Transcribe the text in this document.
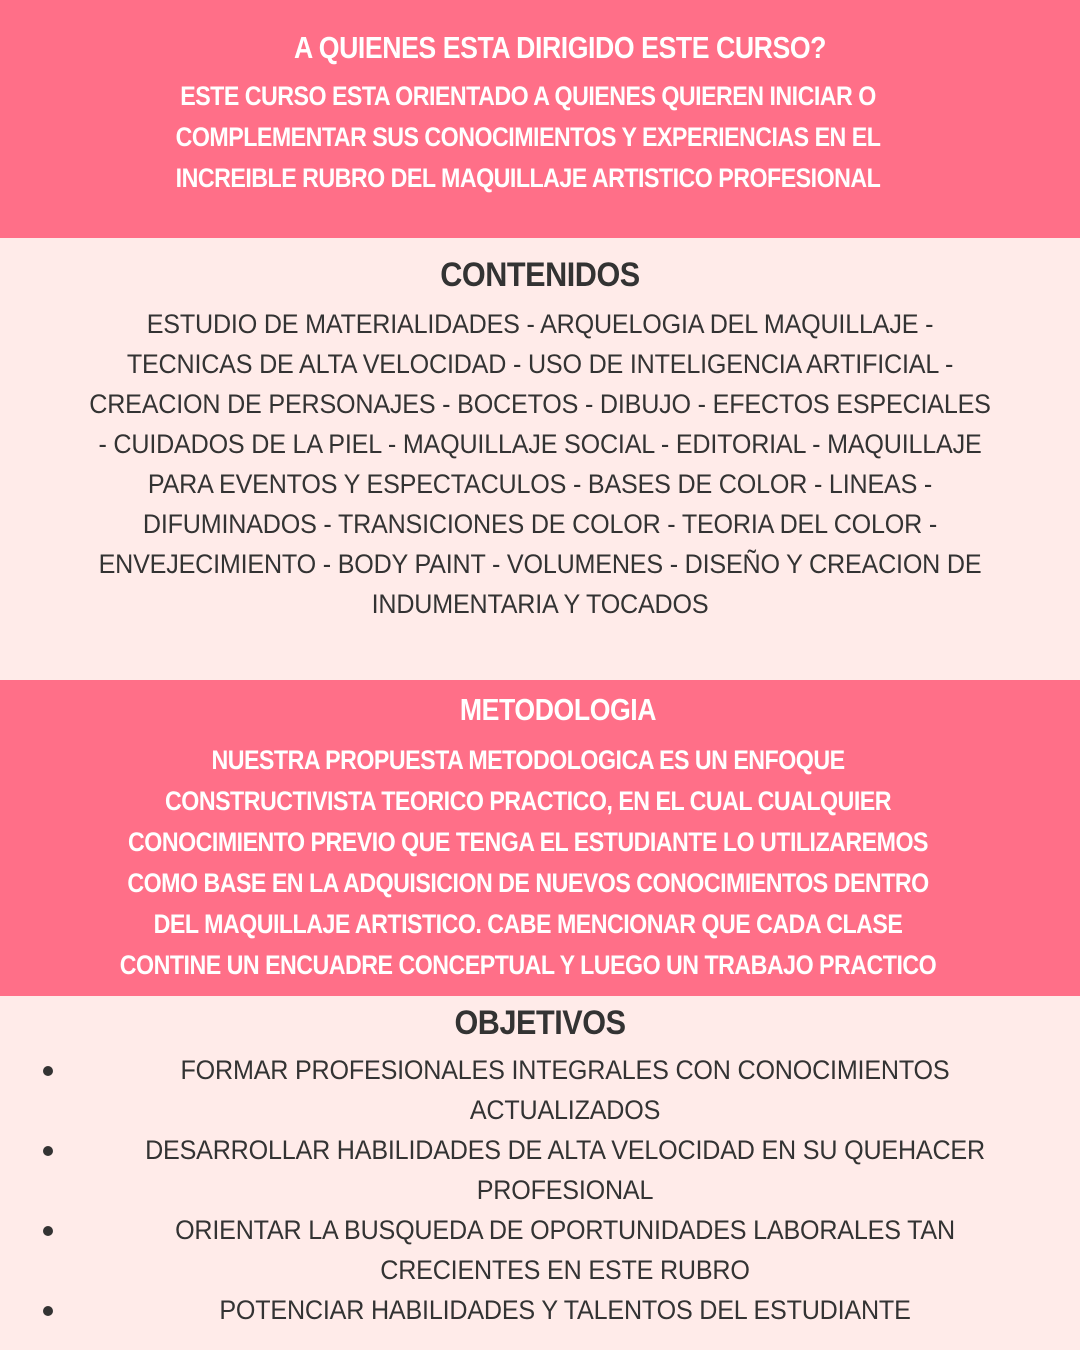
A QUIENES ESTA DIRIGIDO ESTE CURSO?
ESTE CURSO ESTA ORIENTADO A QUIENES QUIEREN INICIAR O
COMPLEMENTAR SUS CONOCIMIENTOS Y EXPERIENCIAS EN EL
INCREIBLE RUBRO DEL MAQUILLAJE ARTISTICO PROFESIONAL
CONTENIDOS
ESTUDIO DE MATERIALIDADES - ARQUELOGIA DEL MAQUILLAJE -
TECNICAS DE ALTA VELOCIDAD - USO DE INTELIGENCIA ARTIFICIAL -
CREACION DE PERSONAJES - BOCETOS - DIBUJO - EFECTOS ESPECIALES
- CUIDADOS DE LA PIEL - MAQUILLAJE SOCIAL - EDITORIAL - MAQUILLAJE
PARA EVENTOS Y ESPECTACULOS - BASES DE COLOR - LINEAS -
DIFUMINADOS - TRANSICIONES DE COLOR - TEORIA DEL COLOR -
ENVEJECIMIENTO - BODY PAINT - VOLUMENES - DISEÑO Y CREACION DE
INDUMENTARIA Y TOCADOS
METODOLOGIA
NUESTRA PROPUESTA METODOLOGICA ES UN ENFOQUE
CONSTRUCTIVISTA TEORICO PRACTICO, EN EL CUAL CUALQUIER
CONOCIMIENTO PREVIO QUE TENGA EL ESTUDIANTE LO UTILIZAREMOS
COMO BASE EN LA ADQUISICION DE NUEVOS CONOCIMIENTOS DENTRO
DEL MAQUILLAJE ARTISTICO. CABE MENCIONAR QUE CADA CLASE
CONTINE UN ENCUADRE CONCEPTUAL Y LUEGO UN TRABAJO PRACTICO
OBJETIVOS
FORMAR PROFESIONALES INTEGRALES CON CONOCIMIENTOS
ACTUALIZADOS
DESARROLLAR HABILIDADES DE ALTA VELOCIDAD EN SU QUEHACER
PROFESIONAL
ORIENTAR LA BUSQUEDA DE OPORTUNIDADES LABORALES TAN
CRECIENTES EN ESTE RUBRO
POTENCIAR HABILIDADES Y TALENTOS DEL ESTUDIANTE
